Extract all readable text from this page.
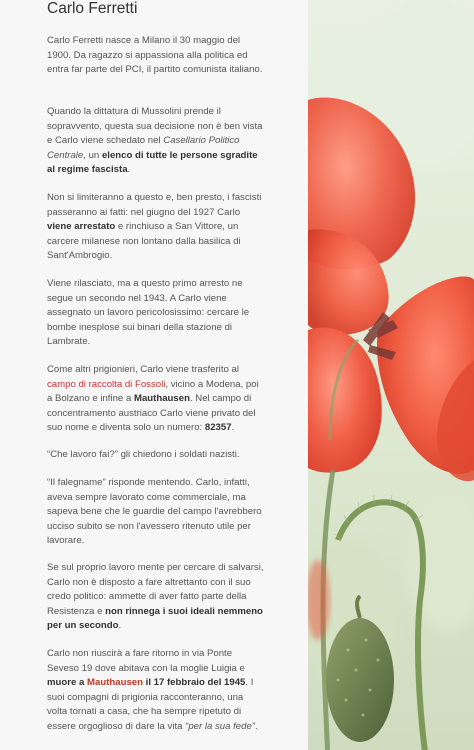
Carlo Ferretti

Carlo Ferretti nasce a Milano il 30 maggio del 1900. Da ragazzo si appassiona alla politica ed entra far parte del PCI, il partito comunista italiano.

Quando la dittatura di Mussolini prende il sopravvento, questa sua decisione non è ben vista e Carlo viene schedato nel Casellario Politico Centrale, un elenco di tutte le persone sgradite al regime fascista.

Non si limiteranno a questo e, ben presto, i fascisti passeranno ai fatti: nel giugno del 1927 Carlo viene arrestato e rinchiuso a San Vittore, un carcere milanese non lontano dalla basilica di Sant'Ambrogio.

Viene rilasciato, ma a questo primo arresto ne segue un secondo nel 1943. A Carlo viene assegnato un lavoro pericolosissimo: cercare le bombe inesplose sui binari della stazione di Lambrate.

Come altri prigionieri, Carlo viene trasferito al campo di raccolta di Fossoli, vicino a Modena, poi a Bolzano e infine a Mauthausen. Nel campo di concentramento austriaco Carlo viene privato del suo nome e diventa solo un numero: 82357.

“Che lavoro fai?” gli chiedono i soldati nazisti.

“Il falegname” risponde mentendo. Carlo, infatti, aveva sempre lavorato come commerciale, ma sapeva bene che le guardie del campo l'avrebbero ucciso subito se non l'avessero ritenuto utile per lavorare.

Se sul proprio lavoro mente per cercare di salvarsi, Carlo non è disposto a fare altrettanto con il suo credo politico: ammette di aver fatto parte della Resistenza e non rinnega i suoi ideali nemmeno per un secondo.

Carlo non riuscirà a fare ritorno in via Ponte Seveso 19 dove abitava con la moglie Luigia e muore a Mauthausen il 17 febbraio del 1945. I suoi compagni di prigionia racconteranno, una volta tornati a casa, che ha sempre ripetuto di essere orgoglioso di dare la vita “per la sua fede”.
